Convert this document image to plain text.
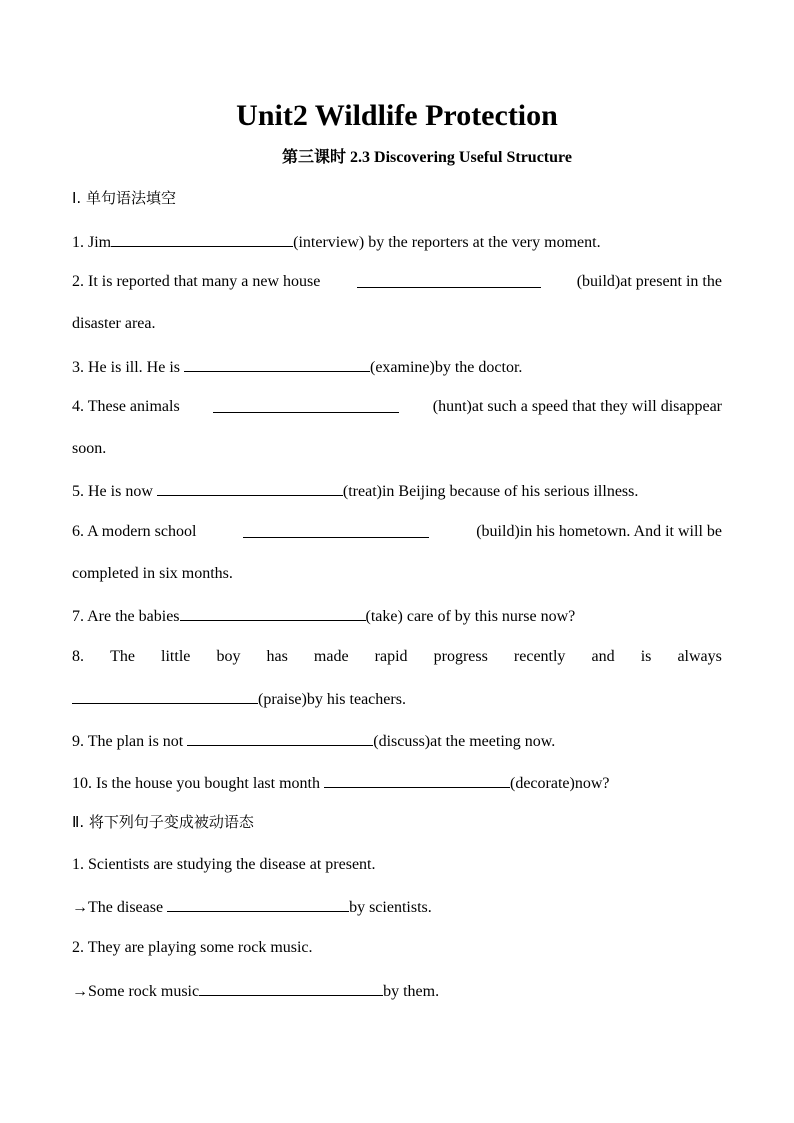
Unit2 Wildlife Protection
第三课时 2.3 Discovering Useful Structure
Ⅰ. 单句语法填空
1. Jim	(interview) by the reporters at the very moment.
2. It is reported that many a new house	(build)at present in the
disaster area.
3. He is ill. He is	(examine)by the doctor.
4. These animals	(hunt)at such a speed that they will disappear
soon.
5. He is now	(treat)in Beijing because of his serious illness.
6. A modern school	(build)in his hometown. And it will be
completed in six months.
7. Are the babies	(take) care of by this nurse now?
8. The little boy has made rapid progress recently and is always
(praise)by his teachers.
9. The plan is not	(discuss)at the meeting now.
10. Is the house you bought last month	(decorate)now?
Ⅱ. 将下列句子变成被动语态
1. Scientists are studying the disease at present.
→The disease	by scientists.
2. They are playing some rock music.
→Some rock music	by them.
